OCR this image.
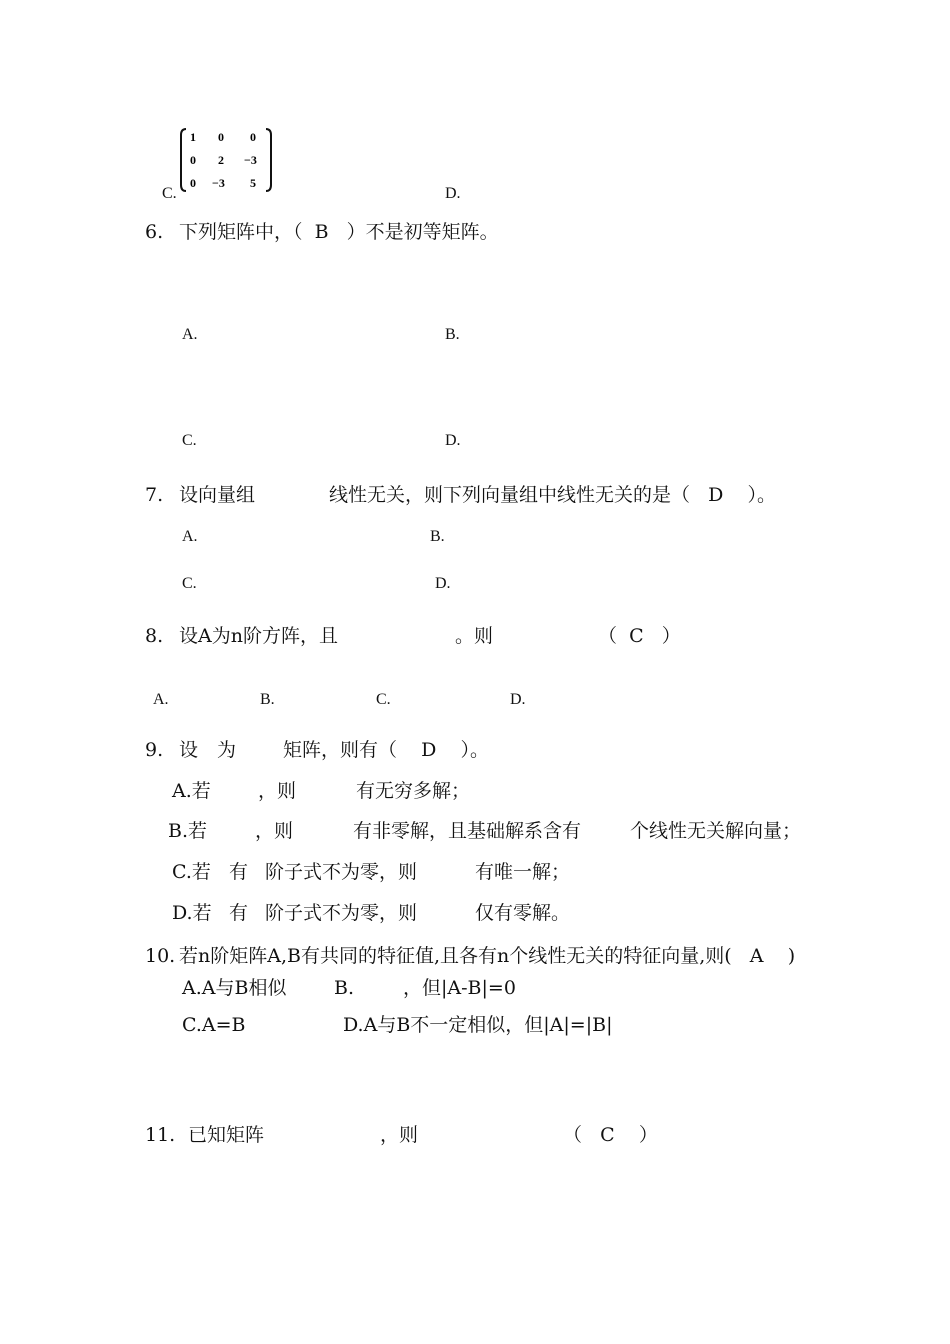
C.
1 0 0
0 2 −3
0 −3 5
D.
6. 下列矩阵中，（  B   ）不是初等矩阵。
A.	B.
C.	D.
7. 设向量组	线性无关，则下列向量组中线性无关的是（   D    ）。
A.	B.
C.	D.
8. 设A为n阶方阵，且	。则	（  C   ）
A.	B.	C.	D.
9. 设 为 矩阵，则有（    D    ）。
A.若 ，则	有无穷多解；
B.若	，则	有非零解，且基础解系含有	个线性无关解向量；
C.若 有 阶子式不为零，则	有唯一解；
D.若 有 阶子式不为零，则	仅有零解。
10. 若n阶矩阵A,B有共同的特征值,且各有n个线性无关的特征向量,则(   A    )
A.A与B相似	B.	，但|A-B|=0
C.A=B	D.A与B不一定相似，但|A|=|B|
11. 已知矩阵	，则	（   C    ）
